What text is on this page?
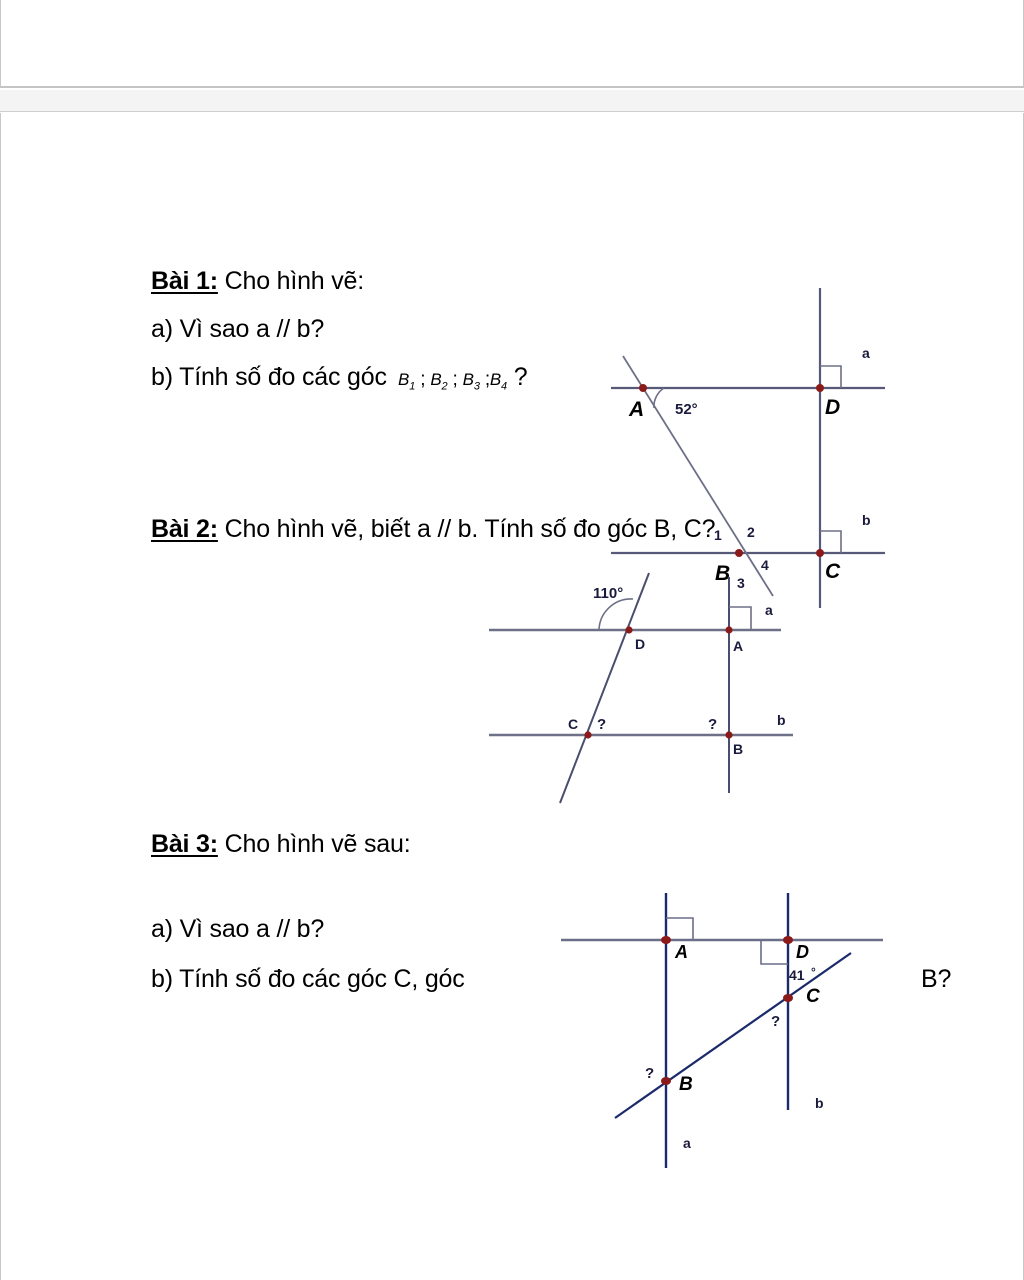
Bài 1: Cho hình vẽ:
a) Vì sao a // b?
b) Tính số đo các góc $B_1$ ; $B_2$ ; $B_3$ $;B_4$ ?
A
B	C
D
a
b
52°
1 2
3
4
Bài 2: Cho hình vẽ, biết a // b. Tính số đo góc B, C?
D	A
C
B
a
b
110°
?	?
Bài 3: Cho hình vẽ sau:
a) Vì sao a // b?
b) Tính số đo các góc C, góc	B?
A	D
C
B
a
b
41 °
?
?
